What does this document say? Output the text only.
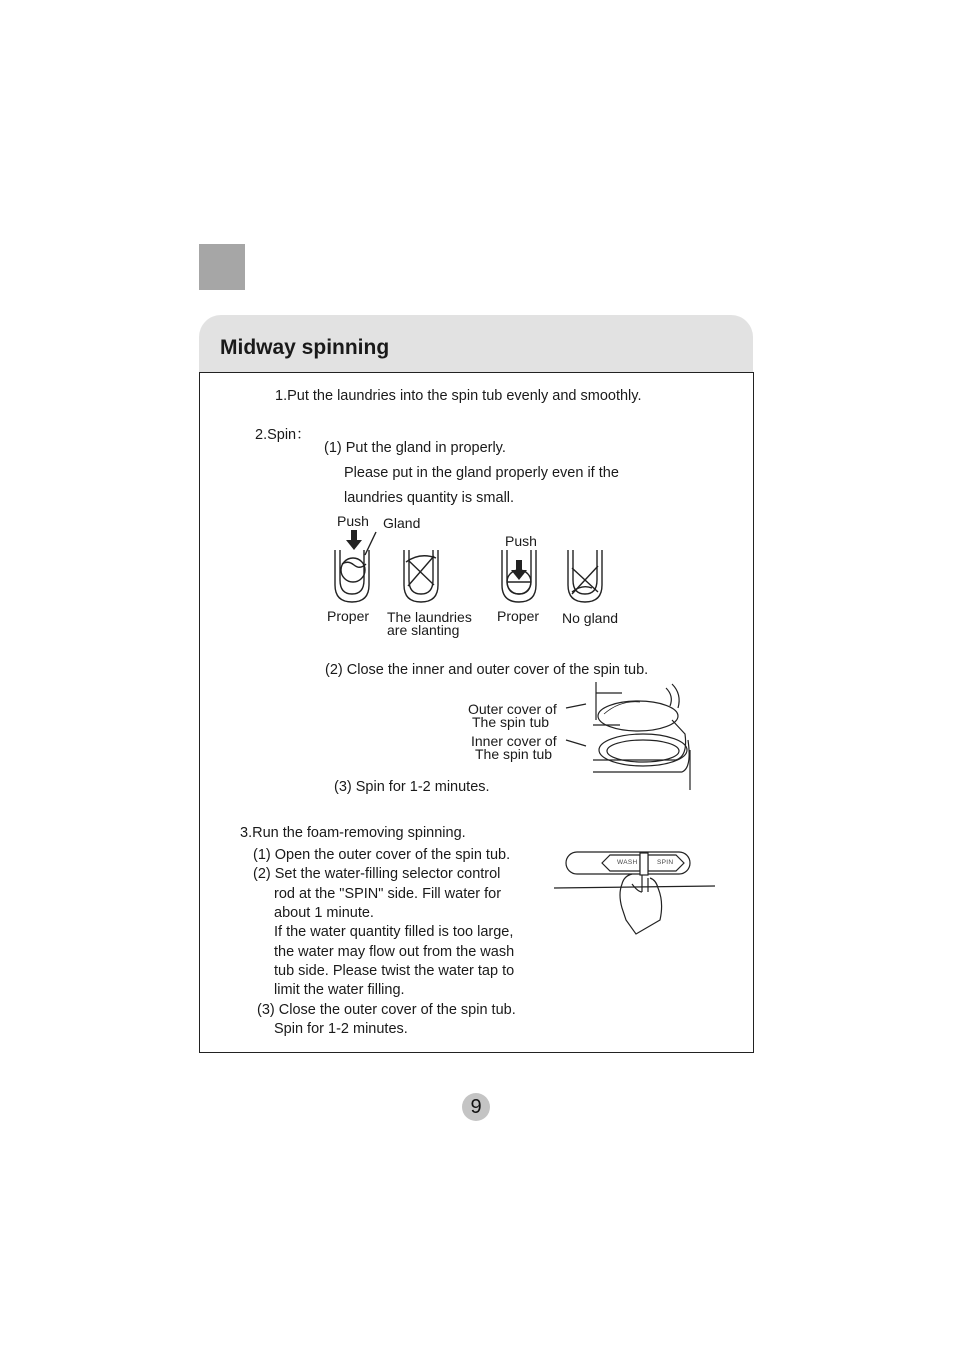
Midway spinning
1.Put the laundries into the spin tub evenly and smoothly.
2.Spin：
(1) Put the gland in properly.
Please put in the gland properly even if the
laundries quantity is small.
Push Gland
Push
Proper The laundries
are slanting
Proper No gland
(2) Close the inner and outer cover of the spin tub.
Outer cover of
The spin tub
Inner cover of
The spin tub
(3) Spin for 1-2 minutes.
3.Run the foam-removing spinning.
(1) Open the outer cover of the spin tub.
(2) Set the water-filling selector control
rod at the "SPIN" side. Fill water for
about 1 minute.
If the water quantity filled is too large,
the water may flow out from the wash
tub side. Please twist the water tap to
limit the water filling.
(3) Close the outer cover of the spin tub.
Spin for 1-2 minutes.
WASH	SPIN
9
